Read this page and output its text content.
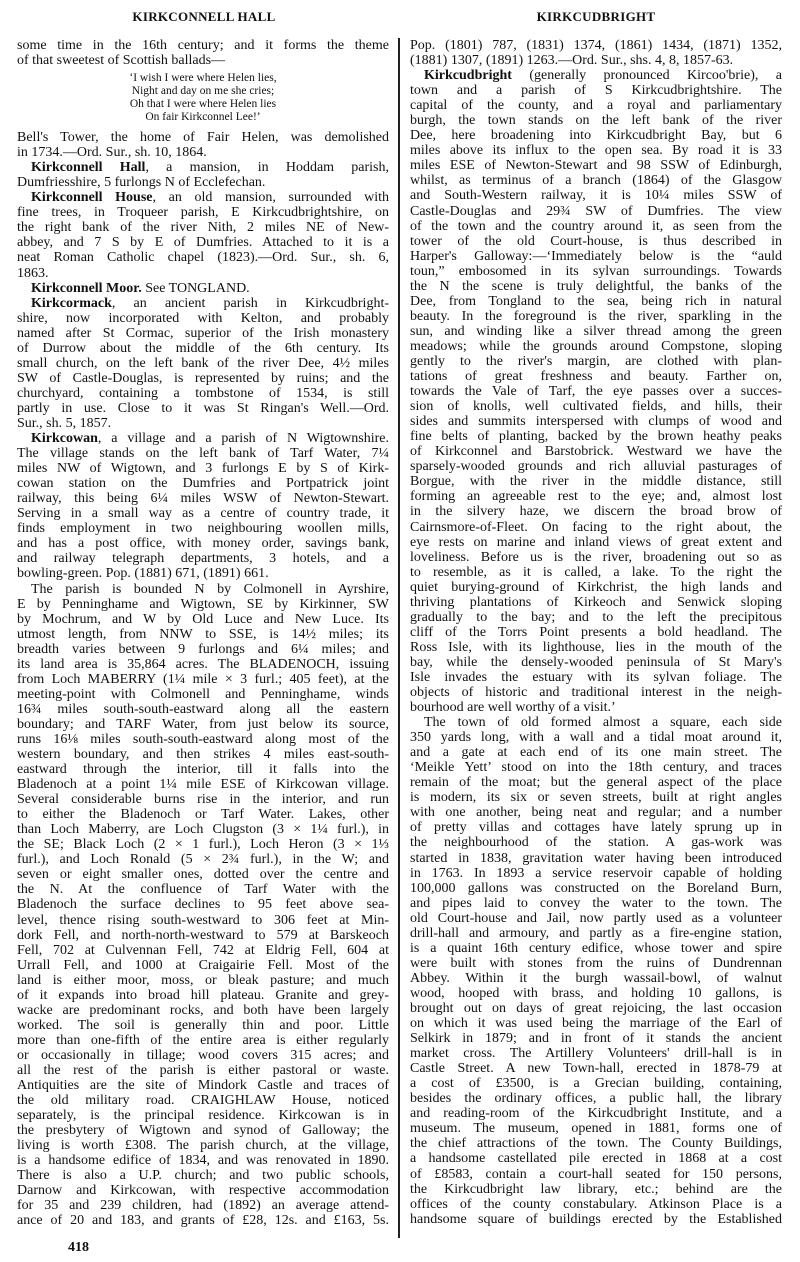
KIRKCONNELL HALL	KIRKCUDBRIGHT
some time in the 16th century; and it forms the theme
of that sweetest of Scottish ballads—
‘I wish I were where Helen lies,
Night and day on me she cries;
Oh that I were where Helen lies
On fair Kirkconnel Lee!’
Bell's Tower, the home of Fair Helen, was demolished
in 1734.—Ord. Sur., sh. 10, 1864.
Kirkconnell Hall, a mansion, in Hoddam parish,
Dumfriesshire, 5 furlongs N of Ecclefechan.
Kirkconnell House, an old mansion, surrounded with
fine trees, in Troqueer parish, E Kirkcudbrightshire, on
the right bank of the river Nith, 2 miles NE of New-
abbey, and 7 S by E of Dumfries. Attached to it is a
neat Roman Catholic chapel (1823).—Ord. Sur., sh. 6,
1863.
Kirkconnell Moor. See TONGLAND.
Kirkcormack, an ancient parish in Kirkcudbright-
shire, now incorporated with Kelton, and probably
named after St Cormac, superior of the Irish monastery
of Durrow about the middle of the 6th century. Its
small church, on the left bank of the river Dee, 4½ miles
SW of Castle-Douglas, is represented by ruins; and the
churchyard, containing a tombstone of 1534, is still
partly in use. Close to it was St Ringan's Well.—Ord.
Sur., sh. 5, 1857.
Kirkcowan, a village and a parish of N Wigtownshire.
The village stands on the left bank of Tarf Water, 7¼
miles NW of Wigtown, and 3 furlongs E by S of Kirk-
cowan station on the Dumfries and Portpatrick joint
railway, this being 6¼ miles WSW of Newton-Stewart.
Serving in a small way as a centre of country trade, it
finds employment in two neighbouring woollen mills,
and has a post office, with money order, savings bank,
and railway telegraph departments, 3 hotels, and a
bowling-green. Pop. (1881) 671, (1891) 661.
The parish is bounded N by Colmonell in Ayrshire,
E by Penninghame and Wigtown, SE by Kirkinner, SW
by Mochrum, and W by Old Luce and New Luce. Its
utmost length, from NNW to SSE, is 14½ miles; its
breadth varies between 9 furlongs and 6¼ miles; and
its land area is 35,864 acres. The BLADENOCH, issuing
from Loch MABERRY (1¼ mile × 3 furl.; 405 feet), at the
meeting-point with Colmonell and Penninghame, winds
16¾ miles south-south-eastward along all the eastern
boundary; and TARF Water, from just below its source,
runs 16⅛ miles south-south-eastward along most of the
western boundary, and then strikes 4 miles east-south-
eastward through the interior, till it falls into the
Bladenoch at a point 1¼ mile ESE of Kirkcowan village.
Several considerable burns rise in the interior, and run
to either the Bladenoch or Tarf Water. Lakes, other
than Loch Maberry, are Loch Clugston (3 × 1¼ furl.), in
the SE; Black Loch (2 × 1 furl.), Loch Heron (3 × 1⅓
furl.), and Loch Ronald (5 × 2¾ furl.), in the W; and
seven or eight smaller ones, dotted over the centre and
the N. At the confluence of Tarf Water with the
Bladenoch the surface declines to 95 feet above sea-
level, thence rising south-westward to 306 feet at Min-
dork Fell, and north-north-westward to 579 at Barskeoch
Fell, 702 at Culvennan Fell, 742 at Eldrig Fell, 604 at
Urrall Fell, and 1000 at Craigairie Fell. Most of the
land is either moor, moss, or bleak pasture; and much
of it expands into broad hill plateau. Granite and grey-
wacke are predominant rocks, and both have been largely
worked. The soil is generally thin and poor. Little
more than one-fifth of the entire area is either regularly
or occasionally in tillage; wood covers 315 acres; and
all the rest of the parish is either pastoral or waste.
Antiquities are the site of Mindork Castle and traces of
the old military road. CRAIGHLAW House, noticed
separately, is the principal residence. Kirkcowan is in
the presbytery of Wigtown and synod of Galloway; the
living is worth £308. The parish church, at the village,
is a handsome edifice of 1834, and was renovated in 1890.
There is also a U.P. church; and two public schools,
Darnow and Kirkcowan, with respective accommodation
for 35 and 239 children, had (1892) an average attend-
ance of 20 and 183, and grants of £28, 12s. and £163, 5s.
Pop. (1801) 787, (1831) 1374, (1861) 1434, (1871) 1352,
(1881) 1307, (1891) 1263.—Ord. Sur., shs. 4, 8, 1857-63.
Kirkcudbright (generally pronounced Kircoo'brie), a
town and a parish of S Kirkcudbrightshire. The
capital of the county, and a royal and parliamentary
burgh, the town stands on the left bank of the river
Dee, here broadening into Kirkcudbright Bay, but 6
miles above its influx to the open sea. By road it is 33
miles ESE of Newton-Stewart and 98 SSW of Edinburgh,
whilst, as terminus of a branch (1864) of the Glasgow
and South-Western railway, it is 10¼ miles SSW of
Castle-Douglas and 29¾ SW of Dumfries. The view
of the town and the country around it, as seen from the
tower of the old Court-house, is thus described in
Harper's Galloway:—‘Immediately below is the “auld
toun,” embosomed in its sylvan surroundings. Towards
the N the scene is truly delightful, the banks of the
Dee, from Tongland to the sea, being rich in natural
beauty. In the foreground is the river, sparkling in the
sun, and winding like a silver thread among the green
meadows; while the grounds around Compstone, sloping
gently to the river's margin, are clothed with plan-
tations of great freshness and beauty. Farther on,
towards the Vale of Tarf, the eye passes over a succes-
sion of knolls, well cultivated fields, and hills, their
sides and summits interspersed with clumps of wood and
fine belts of planting, backed by the brown heathy peaks
of Kirkconnel and Barstobrick. Westward we have the
sparsely-wooded grounds and rich alluvial pasturages of
Borgue, with the river in the middle distance, still
forming an agreeable rest to the eye; and, almost lost
in the silvery haze, we discern the broad brow of
Cairnsmore-of-Fleet. On facing to the right about, the
eye rests on marine and inland views of great extent and
loveliness. Before us is the river, broadening out so as
to resemble, as it is called, a lake. To the right the
quiet burying-ground of Kirkchrist, the high lands and
thriving plantations of Kirkeoch and Senwick sloping
gradually to the bay; and to the left the precipitous
cliff of the Torrs Point presents a bold headland. The
Ross Isle, with its lighthouse, lies in the mouth of the
bay, while the densely-wooded peninsula of St Mary's
Isle invades the estuary with its sylvan foliage. The
objects of historic and traditional interest in the neigh-
bourhood are well worthy of a visit.’
The town of old formed almost a square, each side
350 yards long, with a wall and a tidal moat around it,
and a gate at each end of its one main street. The
‘Meikle Yett’ stood on into the 18th century, and traces
remain of the moat; but the general aspect of the place
is modern, its six or seven streets, built at right angles
with one another, being neat and regular; and a number
of pretty villas and cottages have lately sprung up in
the neighbourhood of the station. A gas-work was
started in 1838, gravitation water having been introduced
in 1763. In 1893 a service reservoir capable of holding
100,000 gallons was constructed on the Boreland Burn,
and pipes laid to convey the water to the town. The
old Court-house and Jail, now partly used as a volunteer
drill-hall and armoury, and partly as a fire-engine station,
is a quaint 16th century edifice, whose tower and spire
were built with stones from the ruins of Dundrennan
Abbey. Within it the burgh wassail-bowl, of walnut
wood, hooped with brass, and holding 10 gallons, is
brought out on days of great rejoicing, the last occasion
on which it was used being the marriage of the Earl of
Selkirk in 1879; and in front of it stands the ancient
market cross. The Artillery Volunteers' drill-hall is in
Castle Street. A new Town-hall, erected in 1878-79 at
a cost of £3500, is a Grecian building, containing,
besides the ordinary offices, a public hall, the library
and reading-room of the Kirkcudbright Institute, and a
museum. The museum, opened in 1881, forms one of
the chief attractions of the town. The County Buildings,
a handsome castellated pile erected in 1868 at a cost
of £8583, contain a court-hall seated for 150 persons,
the Kirkcudbright law library, etc.; behind are the
offices of the county constabulary. Atkinson Place is a
handsome square of buildings erected by the Established
418
